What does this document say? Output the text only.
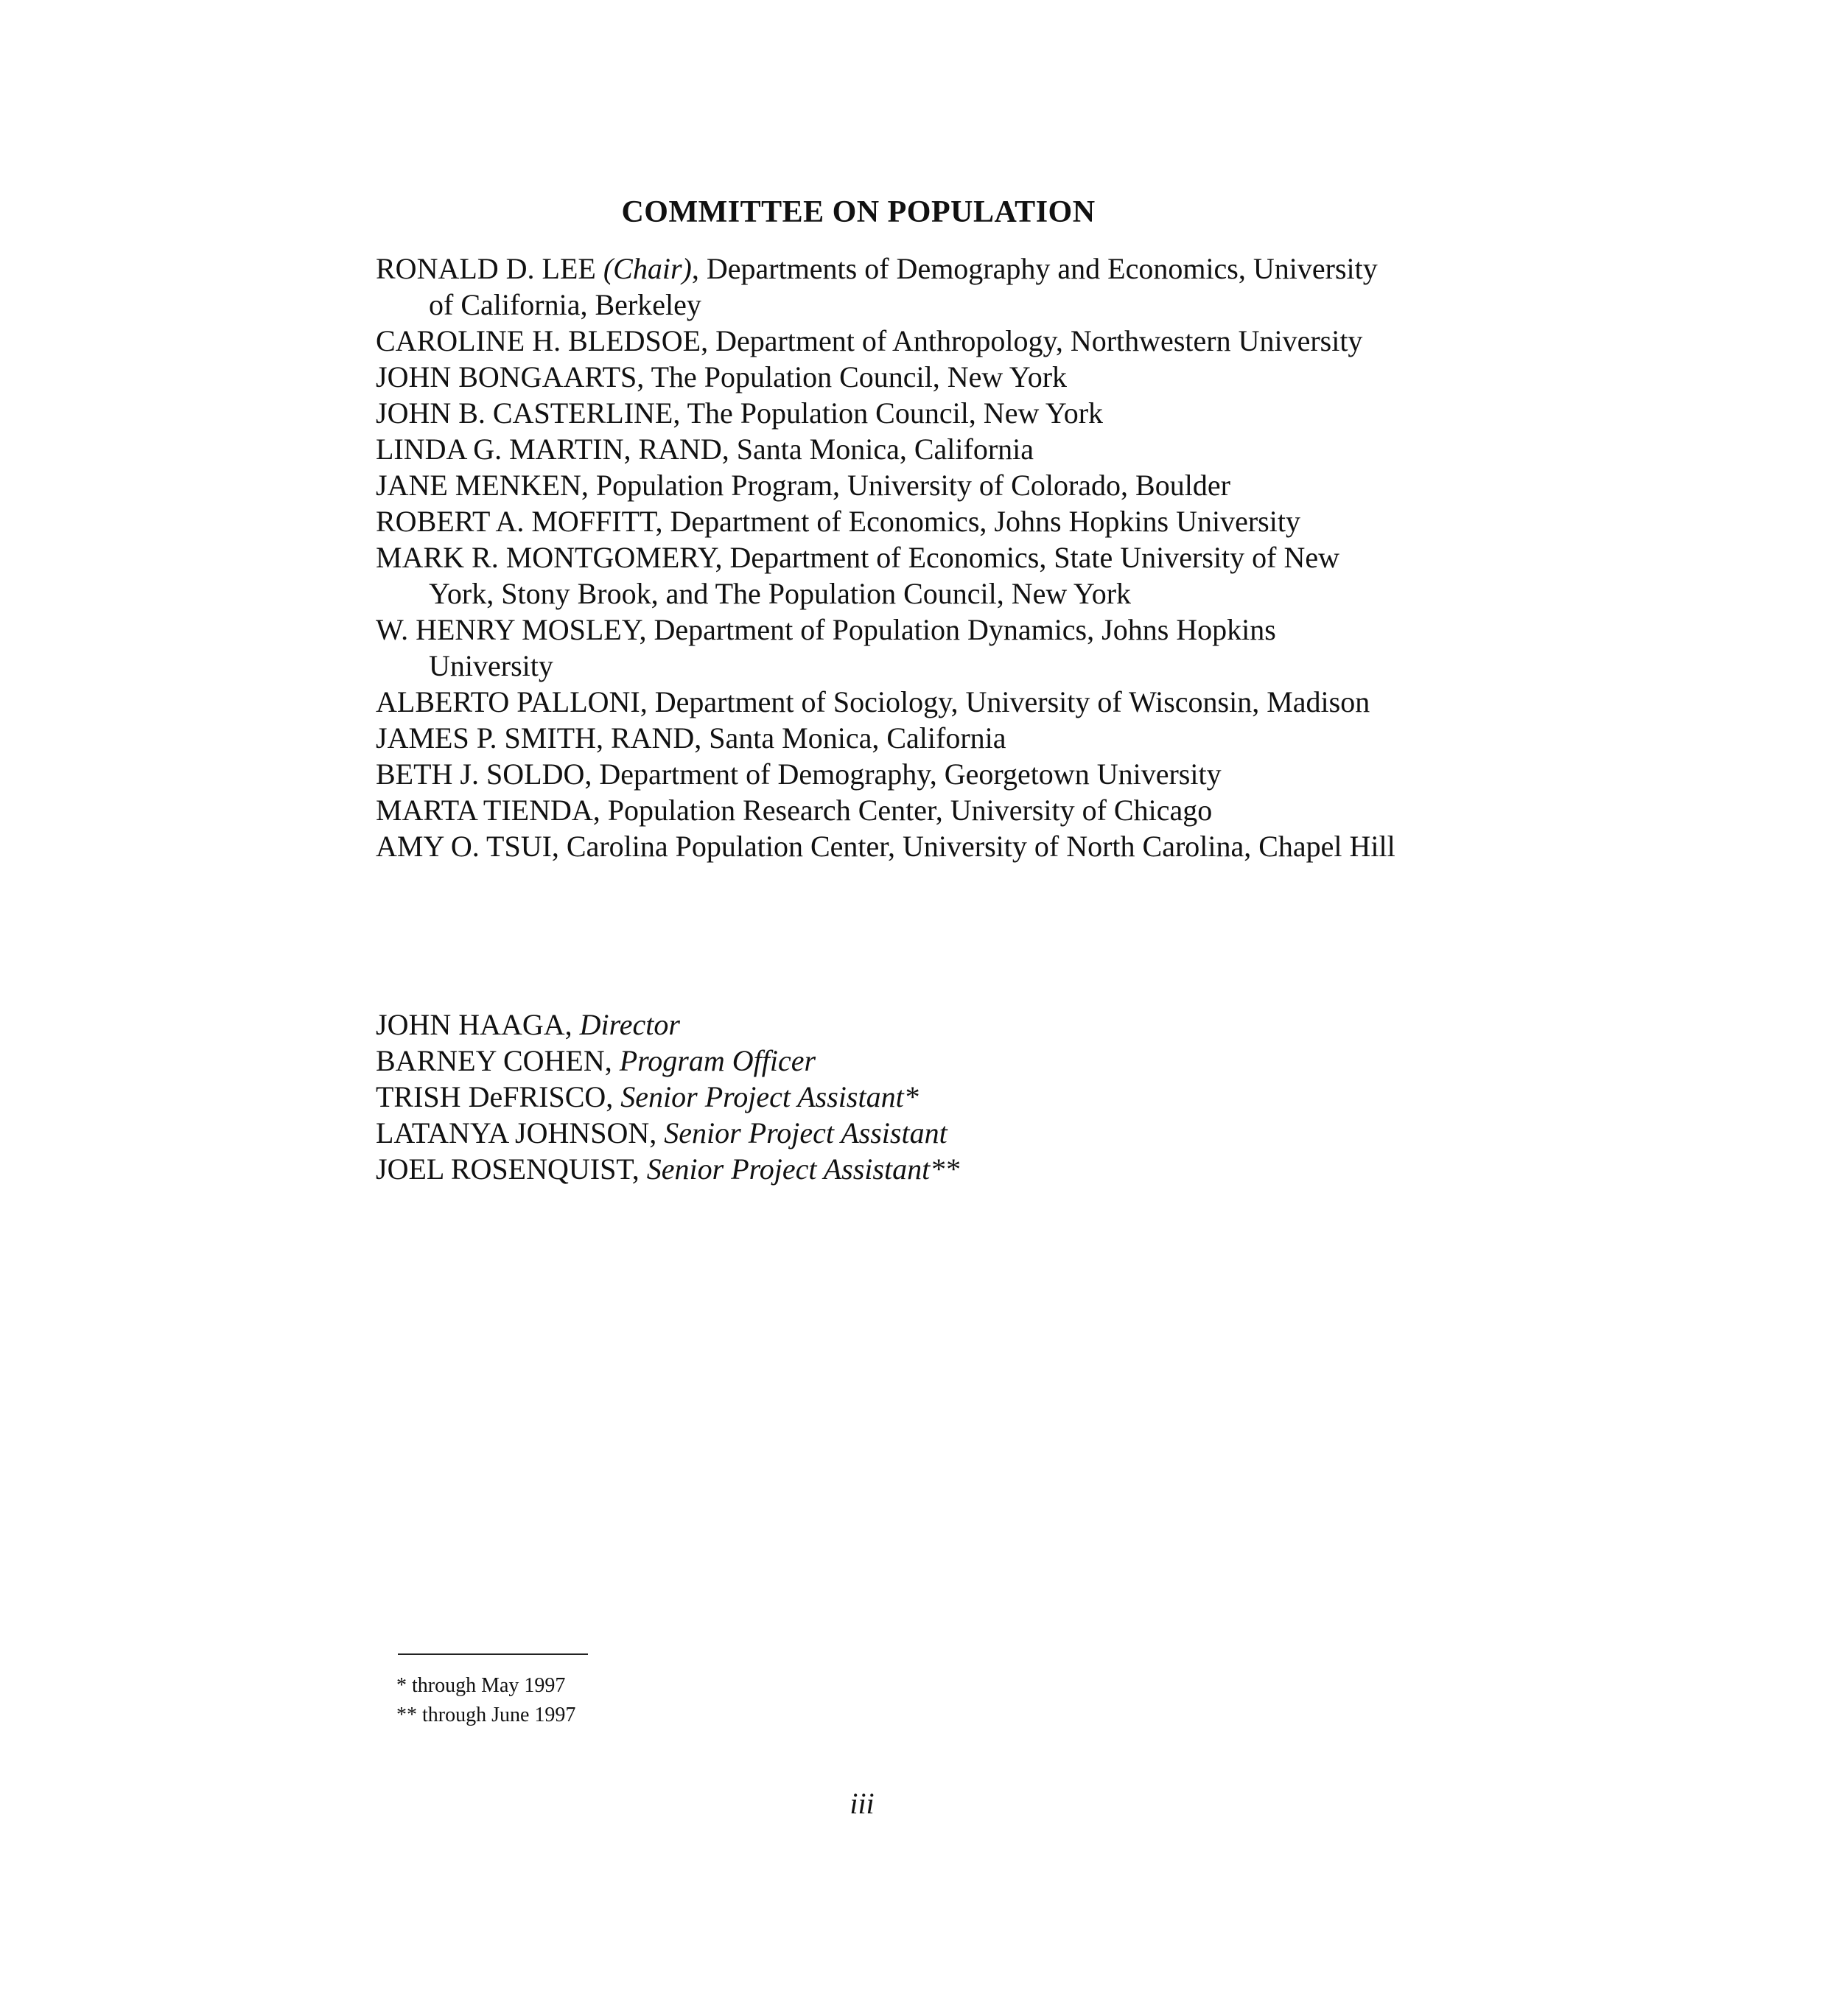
COMMITTEE ON POPULATION

RONALD D. LEE (Chair), Departments of Demography and Economics, University of California, Berkeley

CAROLINE H. BLEDSOE, Department of Anthropology, Northwestern University

JOHN BONGAARTS, The Population Council, New York

JOHN B. CASTERLINE, The Population Council, New York

LINDA G. MARTIN, RAND, Santa Monica, California

JANE MENKEN, Population Program, University of Colorado, Boulder

ROBERT A. MOFFITT, Department of Economics, Johns Hopkins University

MARK R. MONTGOMERY, Department of Economics, State University of New York, Stony Brook, and The Population Council, New York

W. HENRY MOSLEY, Department of Population Dynamics, Johns Hopkins University

ALBERTO PALLONI, Department of Sociology, University of Wisconsin, Madison

JAMES P. SMITH, RAND, Santa Monica, California

BETH J. SOLDO, Department of Demography, Georgetown University

MARTA TIENDA, Population Research Center, University of Chicago

AMY O. TSUI, Carolina Population Center, University of North Carolina, Chapel Hill

JOHN HAAGA, Director

BARNEY COHEN, Program Officer

TRISH DeFRISCO, Senior Project Assistant*

LATANYA JOHNSON, Senior Project Assistant

JOEL ROSENQUIST, Senior Project Assistant**

* through May 1997

** through June 1997

iii
